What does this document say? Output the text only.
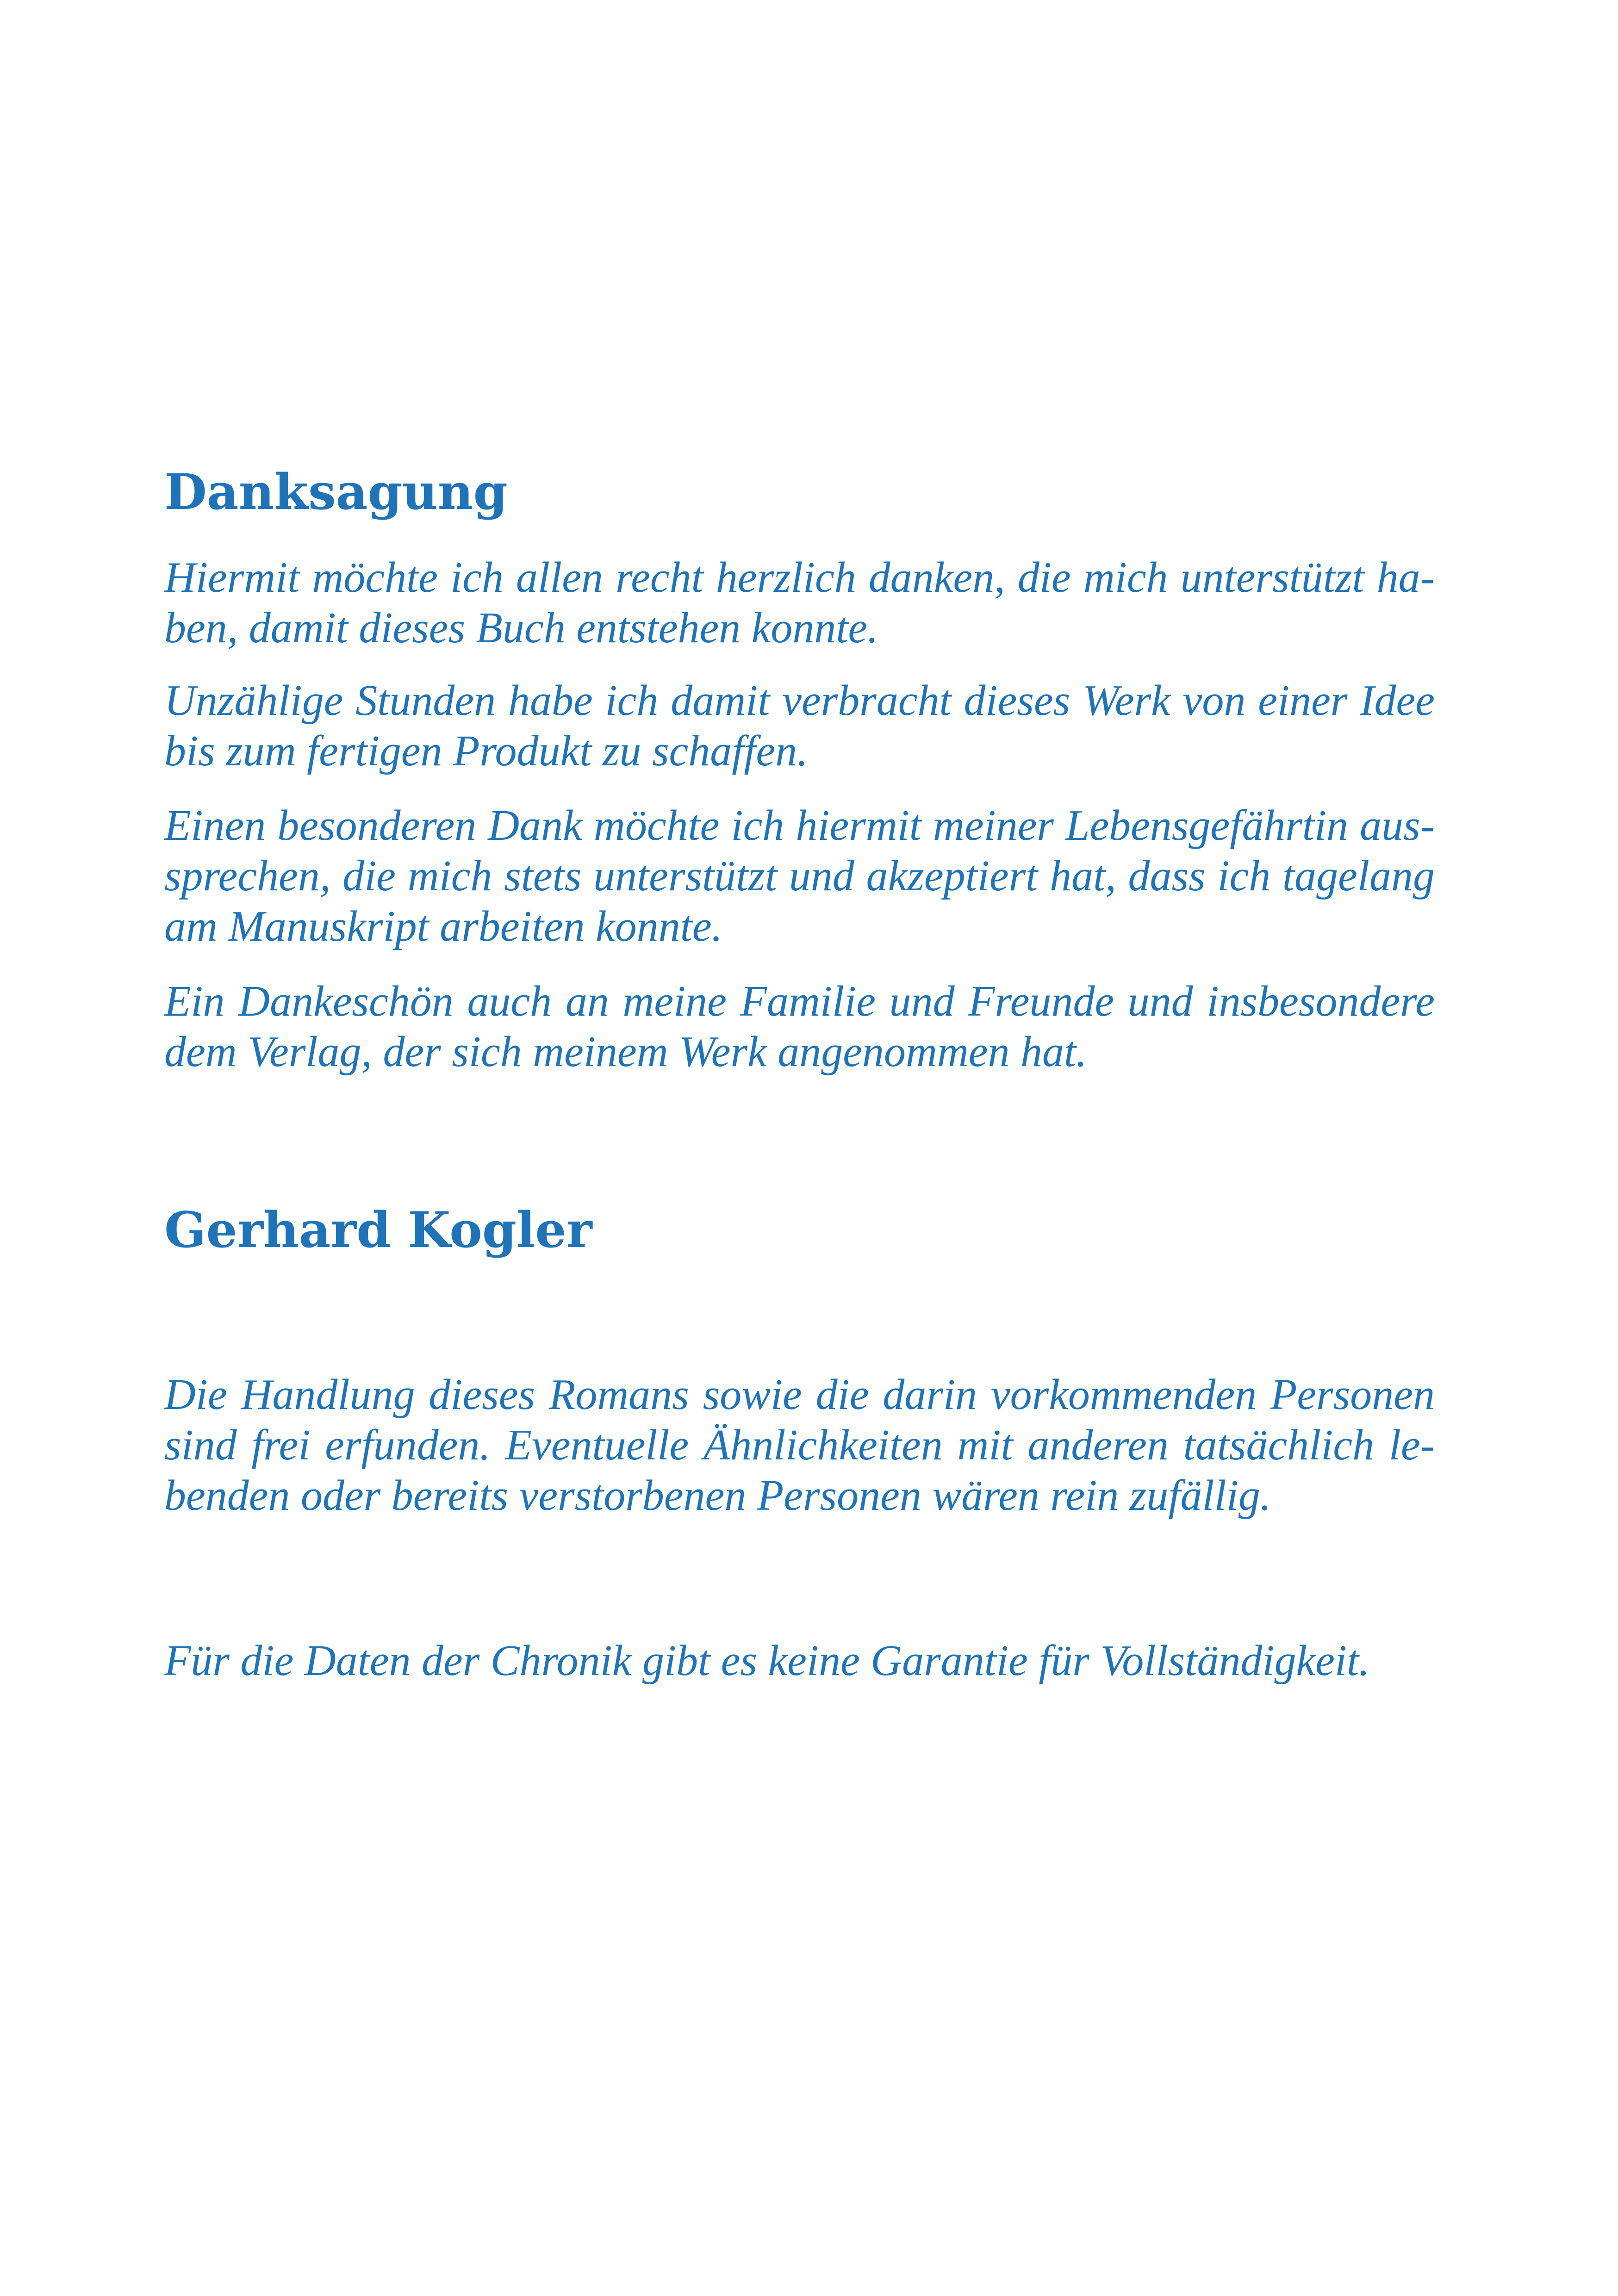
Danksagung
Hiermit möchte ich allen recht herzlich danken, die mich unterstützt ha-
ben, damit dieses Buch entstehen konnte.
Unzählige Stunden habe ich damit verbracht dieses Werk von einer Idee
bis zum fertigen Produkt zu schaffen.
Einen besonderen Dank möchte ich hiermit meiner Lebensgefährtin aus-
sprechen, die mich stets unterstützt und akzeptiert hat, dass ich tagelang
am Manuskript arbeiten konnte.
Ein Dankeschön auch an meine Familie und Freunde und insbesondere
dem Verlag, der sich meinem Werk angenommen hat.
Gerhard Kogler
Die Handlung dieses Romans sowie die darin vorkommenden Personen
sind frei erfunden. Eventuelle Ähnlichkeiten mit anderen tatsächlich le-
benden oder bereits verstorbenen Personen wären rein zufällig.
Für die Daten der Chronik gibt es keine Garantie für Vollständigkeit.
